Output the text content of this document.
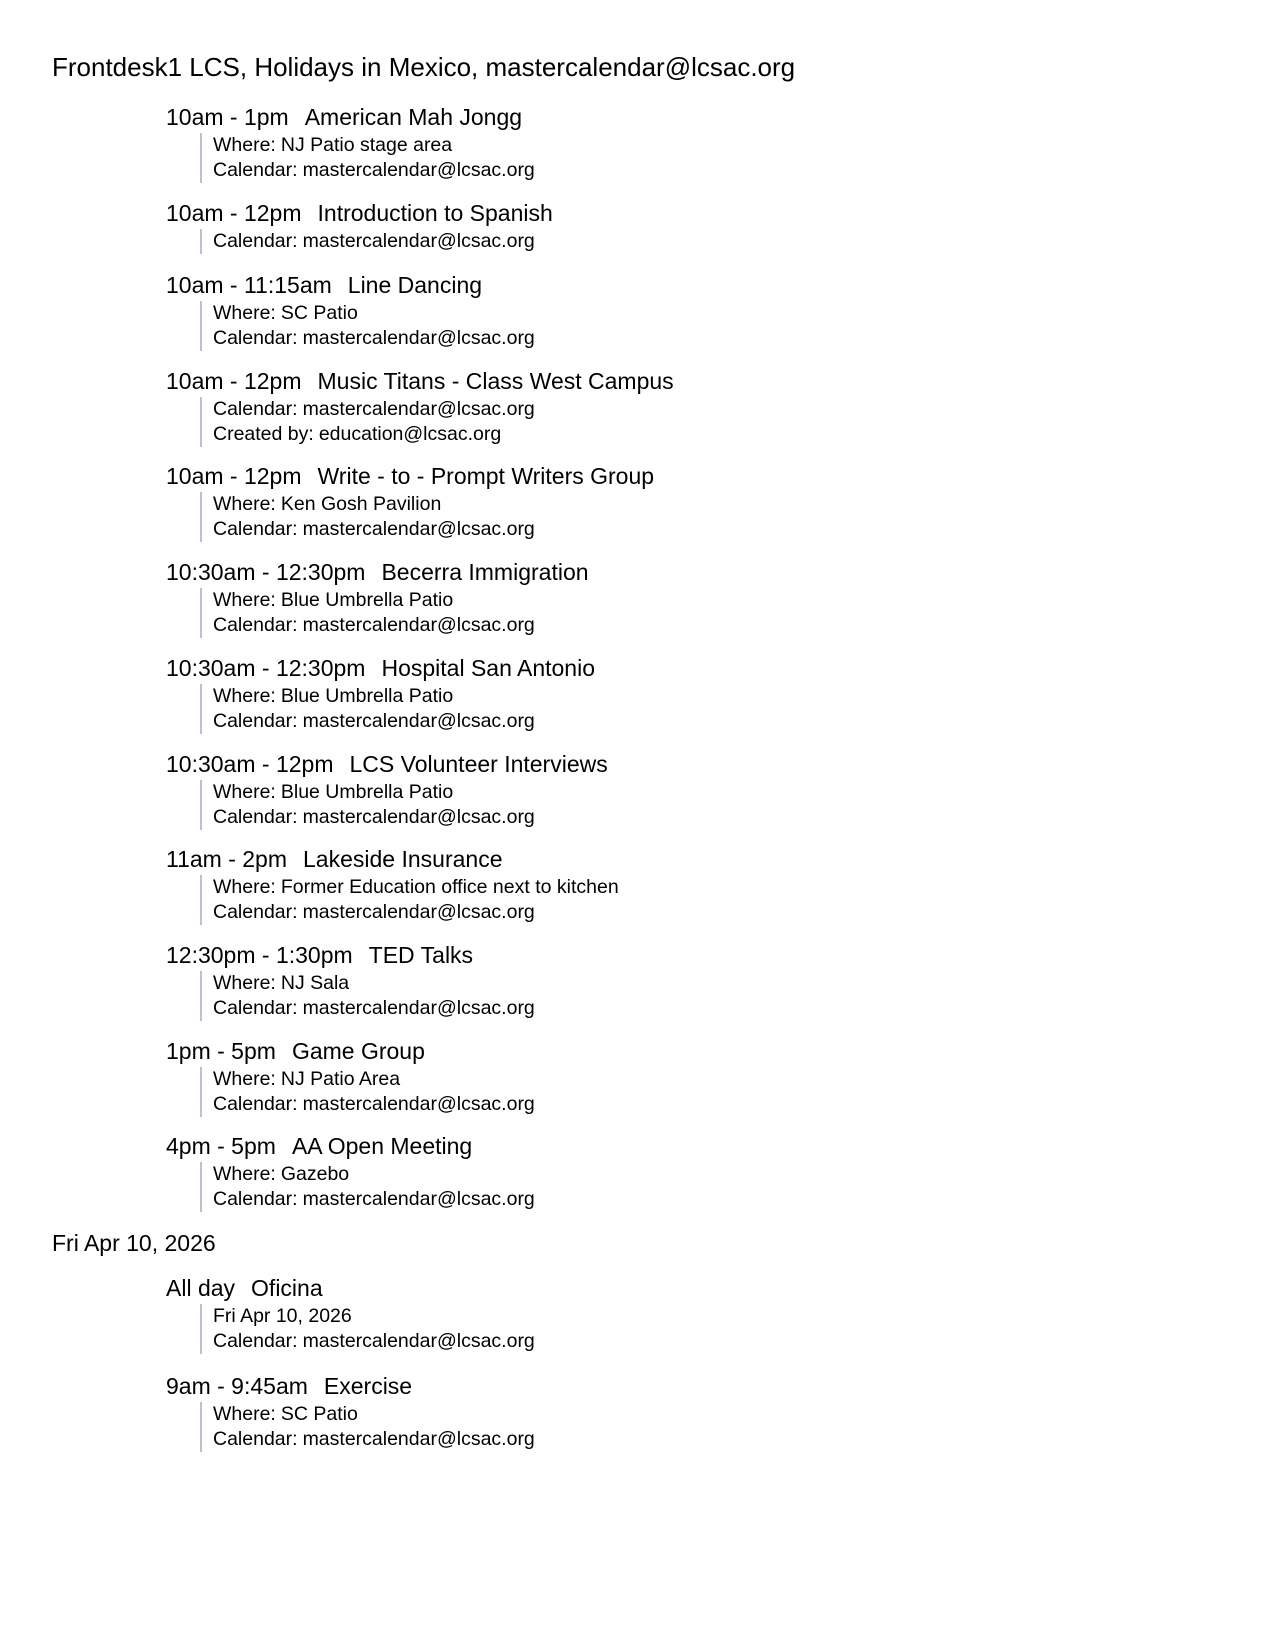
Frontdesk1 LCS, Holidays in Mexico, mastercalendar@lcsac.org
10am - 1pm American Mah Jongg
Where: NJ Patio stage area
Calendar: mastercalendar@lcsac.org
10am - 12pm Introduction to Spanish
Calendar: mastercalendar@lcsac.org
10am - 11:15am Line Dancing
Where: SC Patio
Calendar: mastercalendar@lcsac.org
10am - 12pm Music Titans - Class West Campus
Calendar: mastercalendar@lcsac.org
Created by: education@lcsac.org
10am - 12pm Write - to - Prompt Writers Group
Where: Ken Gosh Pavilion
Calendar: mastercalendar@lcsac.org
10:30am - 12:30pm Becerra Immigration
Where: Blue Umbrella Patio
Calendar: mastercalendar@lcsac.org
10:30am - 12:30pm Hospital San Antonio
Where: Blue Umbrella Patio
Calendar: mastercalendar@lcsac.org
10:30am - 12pm LCS Volunteer Interviews
Where: Blue Umbrella Patio
Calendar: mastercalendar@lcsac.org
11am - 2pm Lakeside Insurance
Where: Former Education office next to kitchen
Calendar: mastercalendar@lcsac.org
12:30pm - 1:30pm TED Talks
Where: NJ Sala
Calendar: mastercalendar@lcsac.org
1pm - 5pm Game Group
Where: NJ Patio Area
Calendar: mastercalendar@lcsac.org
4pm - 5pm AA Open Meeting
Where: Gazebo
Calendar: mastercalendar@lcsac.org
Fri Apr 10, 2026
All day Oficina
Fri Apr 10, 2026
Calendar: mastercalendar@lcsac.org
9am - 9:45am Exercise
Where: SC Patio
Calendar: mastercalendar@lcsac.org
